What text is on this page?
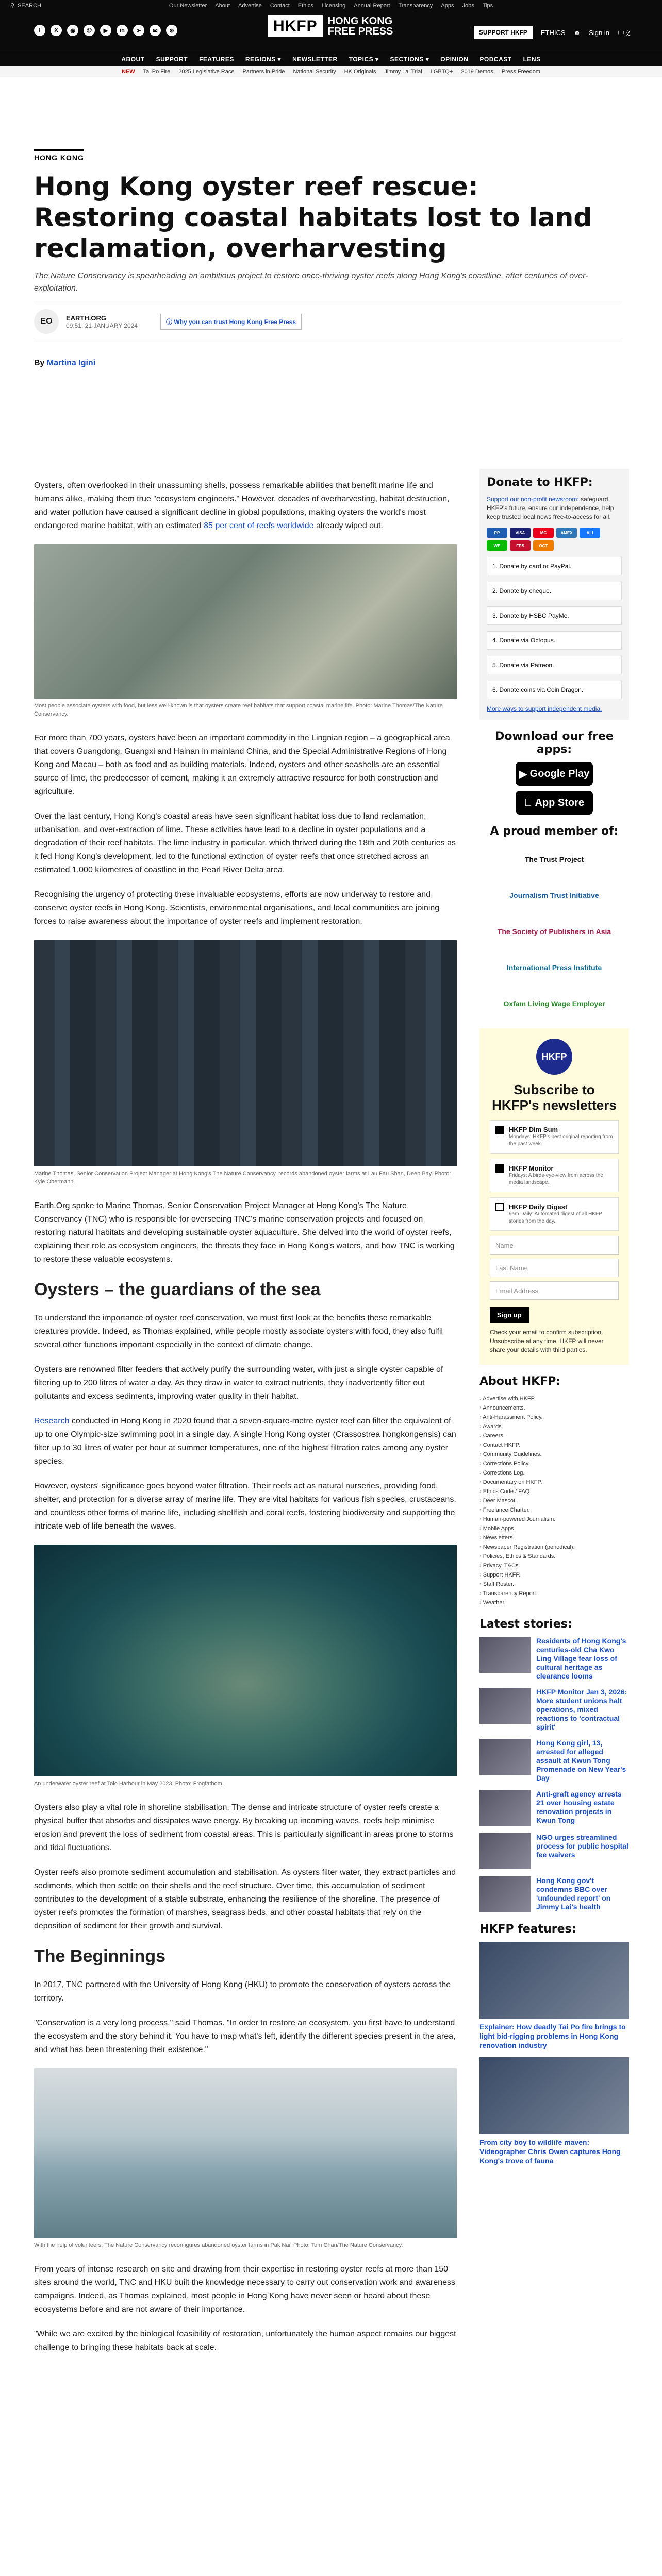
⚲ SEARCH	Our Newsletter About Advertise Contact Ethics Licensing Annual Report Transparency Apps Jobs Tips
f	X	◉	@	▶	in	➤	✉	⊛	HKFP	HONG KONG
FREE PRESS	SUPPORT HKFP	ETHICS ☻ Sign in 中文
ABOUT SUPPORT FEATURES REGIONS ▾ NEWSLETTER TOPICS ▾ SECTIONS ▾ OPINION PODCAST LENS
NEW Tai Po Fire 2025 Legislative Race Partners in Pride National Security HK Originals Jimmy Lai Trial LGBTQ+ 2019 Demos Press Freedom
HONG KONG
Hong Kong oyster reef rescue: Restoring coastal habitats lost to land reclamation, overharvesting

The Nature Conservancy is spearheading an ambitious project to restore once-thriving oyster reefs along Hong Kong's coastline, after centuries of over-exploitation.

EO	EARTH.ORG
09:51, 21 JANUARY 2024	ⓘ Why you can trust Hong Kong Free Press
By Martina Igini

Oysters, often overlooked in their unassuming shells, possess remarkable abilities that benefit marine life and humans alike, making them true "ecosystem engineers." However, decades of overharvesting, habitat destruction, and water pollution have caused a significant decline in global populations, making oysters the world's most endangered marine habitat, with an estimated 85 per cent of reefs worldwide already wiped out.

Most people associate oysters with food, but less well-known is that oysters create reef habitats that support coastal marine life. Photo: Marine Thomas/The Nature Conservancy.

For more than 700 years, oysters have been an important commodity in the Lingnian region – a geographical area that covers Guangdong, Guangxi and Hainan in mainland China, and the Special Administrative Regions of Hong Kong and Macau – both as food and as building materials. Indeed, oysters and other seashells are an essential source of lime, the predecessor of cement, making it an extremely attractive resource for both construction and agriculture.

Over the last century, Hong Kong's coastal areas have seen significant habitat loss due to land reclamation, urbanisation, and over-extraction of lime. These activities have lead to a decline in oyster populations and a degradation of their reef habitats. The lime industry in particular, which thrived during the 18th and 20th centuries as it fed Hong Kong's development, led to the functional extinction of oyster reefs that once stretched across an estimated 1,000 kilometres of coastline in the Pearl River Delta area.

Recognising the urgency of protecting these invaluable ecosystems, efforts are now underway to restore and conserve oyster reefs in Hong Kong. Scientists, environmental organisations, and local communities are joining forces to raise awareness about the importance of oyster reefs and implement restoration.

Marine Thomas, Senior Conservation Project Manager at Hong Kong's The Nature Conservancy, records abandoned oyster farms at Lau Fau Shan, Deep Bay. Photo: Kyle Obermann.

Earth.Org spoke to Marine Thomas, Senior Conservation Project Manager at Hong Kong's The Nature Conservancy (TNC) who is responsible for overseeing TNC's marine conservation projects and focused on restoring natural habitats and developing sustainable oyster aquaculture. She delved into the world of oyster reefs, explaining their role as ecosystem engineers, the threats they face in Hong Kong's waters, and how TNC is working to restore these valuable ecosystems.

Oysters – the guardians of the sea

To understand the importance of oyster reef conservation, we must first look at the benefits these remarkable creatures provide. Indeed, as Thomas explained, while people mostly associate oysters with food, they also fulfil several other functions important especially in the context of climate change.

Oysters are renowned filter feeders that actively purify the surrounding water, with just a single oyster capable of filtering up to 200 litres of water a day. As they draw in water to extract nutrients, they inadvertently filter out pollutants and excess sediments, improving water quality in their habitat.

Research conducted in Hong Kong in 2020 found that a seven-square-metre oyster reef can filter the equivalent of up to one Olympic-size swimming pool in a single day. A single Hong Kong oyster (Crassostrea hongkongensis) can filter up to 30 litres of water per hour at summer temperatures, one of the highest filtration rates among any oyster species.

However, oysters' significance goes beyond water filtration. Their reefs act as natural nurseries, providing food, shelter, and protection for a diverse array of marine life. They are vital habitats for various fish species, crustaceans, and countless other forms of marine life, including shellfish and coral reefs, fostering biodiversity and supporting the intricate web of life beneath the waves.

An underwater oyster reef at Tolo Harbour in May 2023. Photo: Frogfathom.

Oysters also play a vital role in shoreline stabilisation. The dense and intricate structure of oyster reefs create a physical buffer that absorbs and dissipates wave energy. By breaking up incoming waves, reefs help minimise erosion and prevent the loss of sediment from coastal areas. This is particularly significant in areas prone to storms and tidal fluctuations.

Oyster reefs also promote sediment accumulation and stabilisation. As oysters filter water, they extract particles and sediments, which then settle on their shells and the reef structure. Over time, this accumulation of sediment contributes to the development of a stable substrate, enhancing the resilience of the shoreline. The presence of oyster reefs promotes the formation of marshes, seagrass beds, and other coastal habitats that rely on the deposition of sediment for their growth and survival.

The Beginnings

In 2017, TNC partnered with the University of Hong Kong (HKU) to promote the conservation of oysters across the territory.

"Conservation is a very long process," said Thomas. "In order to restore an ecosystem, you first have to understand the ecosystem and the story behind it. You have to map what's left, identify the different species present in the area, and what has been threatening their existence."

With the help of volunteers, The Nature Conservancy reconfigures abandoned oyster farms in Pak Nai. Photo: Tom Chan/The Nature Conservancy.

From years of intense research on site and drawing from their expertise in restoring oyster reefs at more than 150 sites around the world, TNC and HKU built the knowledge necessary to carry out conservation work and awareness campaigns. Indeed, as Thomas explained, most people in Hong Kong have never seen or heard about these ecosystems before and are not aware of their importance.

"While we are excited by the biological feasibility of restoration, unfortunately the human aspect remains our biggest challenge to bringing these habitats back at scale.

Donate to HKFP:
Support our non-profit newsroom: safeguard HKFP's future, ensure our independence, help keep trusted local news free-to-access for all.
PP	VISA	MC	AMEX	ALI
WE	FPS	OCT
1. Donate by card or PayPal.
2. Donate by cheque.
3. Donate by HSBC PayMe.
4. Donate via Octopus.
5. Donate via Patreon.
6. Donate coins via Coin Dragon.
More ways to support independent media.
Download our free apps:
▶ Google Play
App Store
A proud member of:
The Trust Project
Journalism Trust Initiative
The Society of Publishers in Asia
International Press Institute
Oxfam Living Wage Employer
HKFP
Subscribe to HKFP's newsletters
HKFP Dim Sum
Mondays: HKFP's best original reporting from the past week.
HKFP Monitor
Fridays: A birds-eye-view from across the media landscape.
HKFP Daily Digest
9am Daily: Automated digest of all HKFP stories from the day.
Name
Last Name
Email Address
Sign up
Check your email to confirm subscription. Unsubscribe at any time. HKFP will never share your details with third parties.
About HKFP:
› Advertise with HKFP.
› Announcements.
› Anti-Harassment Policy.
› Awards.
› Careers.
› Contact HKFP.
› Community Guidelines.
› Corrections Policy.
› Corrections Log.
› Documentary on HKFP.
› Ethics Code / FAQ.
› Deer Mascot.
› Freelance Charter.
› Human-powered Journalism.
› Mobile Apps.
› Newsletters.
› Newspaper Registration (periodical).
› Policies, Ethics & Standards.
› Privacy, T&Cs.
› Support HKFP.
› Staff Roster.
› Transparency Report.
› Weather.
Latest stories:
Residents of Hong Kong's centuries-old Cha Kwo Ling Village fear loss of cultural heritage as clearance looms
HKFP Monitor Jan 3, 2026: More student unions halt operations, mixed reactions to 'contractual spirit'
Hong Kong girl, 13, arrested for alleged assault at Kwun Tong Promenade on New Year's Day
Anti-graft agency arrests 21 over housing estate renovation projects in Kwun Tong
NGO urges streamlined process for public hospital fee waivers
Hong Kong gov't condemns BBC over 'unfounded report' on Jimmy Lai's health
HKFP features:
Explainer: How deadly Tai Po fire brings to light bid-rigging problems in Hong Kong renovation industry
From city boy to wildlife maven: Videographer Chris Owen captures Hong Kong's trove of fauna
